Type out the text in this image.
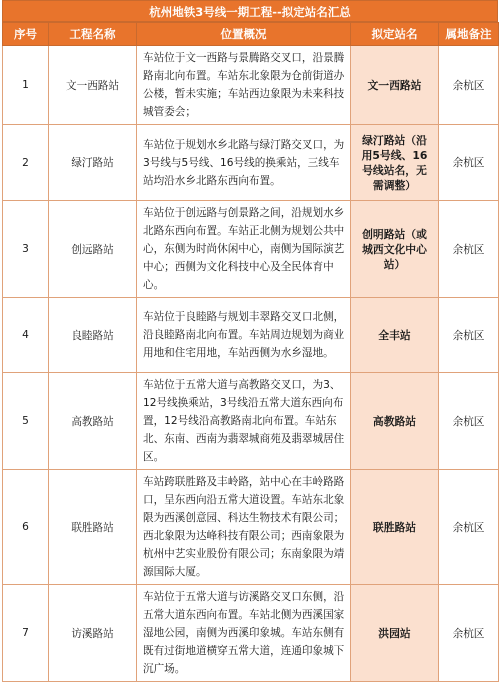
杭州地铁3号线一期工程--拟定站名汇总
序号	工程名称	位置概况	拟定站名	属地备注
1	文一西路站	车站位于文一西路与景腾路交叉口，沿景腾路南北向布置。车站东北象限为仓前街道办公楼，暂未实施；车站西边象限为未来科技城管委会；	文一西路站	余杭区
2	绿汀路站	车站位于规划水乡北路与绿汀路交叉口，为3号线与5号线、16号线的换乘站，三线车站均沿水乡北路东西向布置。	绿汀路站（沿用5号线、16号线站名，无需调整）	余杭区
3	创远路站	车站位于创远路与创景路之间，沿规划水乡北路东西向布置。车站正北侧为规划公共中心，东侧为时尚休闲中心，南侧为国际演艺中心；西侧为文化科技中心及全民体育中心。	创明路站（或城西文化中心站）	余杭区
4	良睦路站	车站位于良睦路与规划丰翠路交叉口北侧，沿良睦路南北向布置。车站周边规划为商业用地和住宅用地，车站西侧为水乡湿地。	全丰站	余杭区
5	高教路站	车站位于五常大道与高教路交叉口，为3、12号线换乘站，3号线沿五常大道东西向布置，12号线沿高教路南北向布置。车站东北、东南、西南为翡翠城商苑及翡翠城居住区。	高教路站	余杭区
6	联胜路站	车站跨联胜路及丰岭路，站中心在丰岭路路口，呈东西向沿五常大道设置。车站东北象限为西溪创意园、科达生物技术有限公司；西北象限为达峰科技有限公司；西南象限为杭州中艺实业股份有限公司；东南象限为靖源国际大厦。	联胜路站	余杭区
7	访溪路站	车站位于五常大道与访溪路交叉口东侧，沿五常大道东西向布置。车站北侧为西溪国家湿地公园，南侧为西溪印象城。车站东侧有既有过街地道横穿五常大道，连通印象城下沉广场。	洪园站	余杭区
